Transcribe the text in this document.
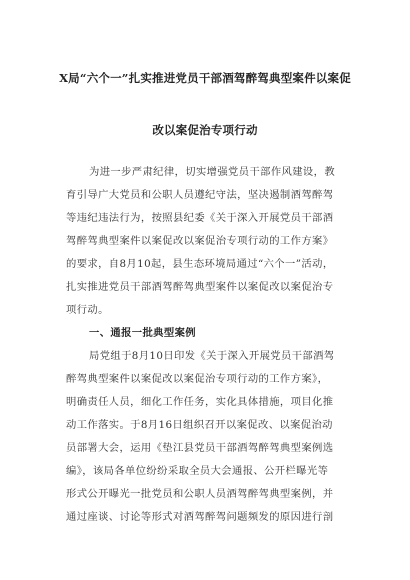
X局“六个一”扎实推进党员干部酒驾醉驾典型案件以案促
改以案促治专项行动
为进一步严肃纪律，切实增强党员干部作风建设，教
育引导广大党员和公职人员遵纪守法，坚决遏制酒驾醉驾
等违纪违法行为，按照县纪委《关于深入开展党员干部酒
驾醉驾典型案件以案促改以案促治专项行动的工作方案》
的要求，自8月10起，县生态环境局通过“六个一”活动，
扎实推进党员干部酒驾醉驾典型案件以案促改以案促治专
项行动。
一、通报一批典型案例
局党组于8月10日印发《关于深入开展党员干部酒驾
醉驾典型案件以案促改以案促治专项行动的工作方案》，
明确责任人员，细化工作任务，实化具体措施，项目化推
动工作落实。于8月16日组织召开以案促改、以案促治动
员部署大会，运用《垫江县党员干部酒驾醉驾典型案例选
编》，该局各单位纷纷采取全员大会通报、公开栏曝光等
形式公开曝光一批党员和公职人员酒驾醉驾典型案例，并
通过座谈、讨论等形式对酒驾醉驾问题频发的原因进行剖
